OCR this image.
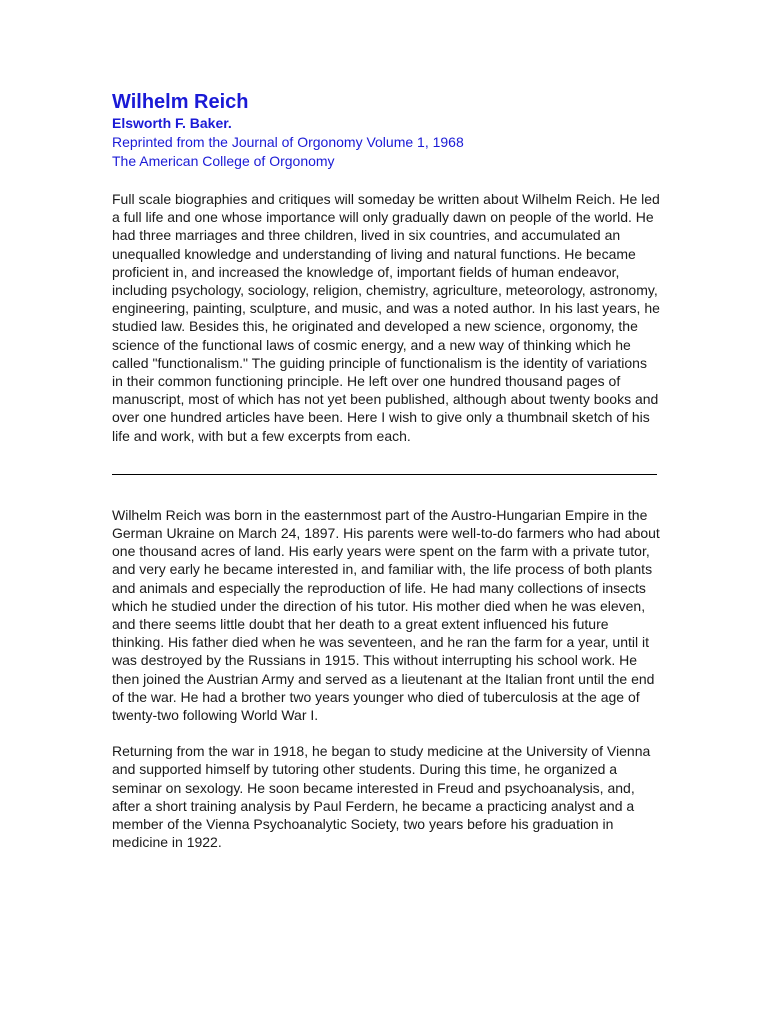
Wilhelm Reich

Elsworth F. Baker.

Reprinted from the Journal of Orgonomy Volume 1, 1968

The American College of Orgonomy

Full scale biographies and critiques will someday be written about Wilhelm Reich. He led a full life and one whose importance will only gradually dawn on people of the world. He had three marriages and three children, lived in six countries, and accumulated an unequalled knowledge and understanding of living and natural functions. He became proficient in, and increased the knowledge of, important fields of human endeavor, including psychology, sociology, religion, chemistry, agriculture, meteorology, astronomy, engineering, painting, sculpture, and music, and was a noted author. In his last years, he studied law. Besides this, he originated and developed a new science, orgonomy, the science of the functional laws of cosmic energy, and a new way of thinking which he called "functionalism." The guiding principle of functionalism is the identity of variations in their common functioning principle. He left over one hundred thousand pages of manuscript, most of which has not yet been published, although about twenty books and over one hundred articles have been. Here I wish to give only a thumbnail sketch of his life and work, with but a few excerpts from each.

Wilhelm Reich was born in the easternmost part of the Austro-Hungarian Empire in the German Ukraine on March 24, 1897. His parents were well-to-do farmers who had about one thousand acres of land. His early years were spent on the farm with a private tutor, and very early he became interested in, and familiar with, the life process of both plants and animals and especially the reproduction of life. He had many collections of insects which he studied under the direction of his tutor. His mother died when he was eleven, and there seems little doubt that her death to a great extent influenced his future thinking. His father died when he was seventeen, and he ran the farm for a year, until it was destroyed by the Russians in 1915. This without interrupting his school work. He then joined the Austrian Army and served as a lieutenant at the Italian front until the end of the war. He had a brother two years younger who died of tuberculosis at the age of twenty-two following World War I.

Returning from the war in 1918, he began to study medicine at the University of Vienna and supported himself by tutoring other students. During this time, he organized a seminar on sexology. He soon became interested in Freud and psychoanalysis, and, after a short training analysis by Paul Ferdern, he became a practicing analyst and a member of the Vienna Psychoanalytic Society, two years before his graduation in medicine in 1922.
